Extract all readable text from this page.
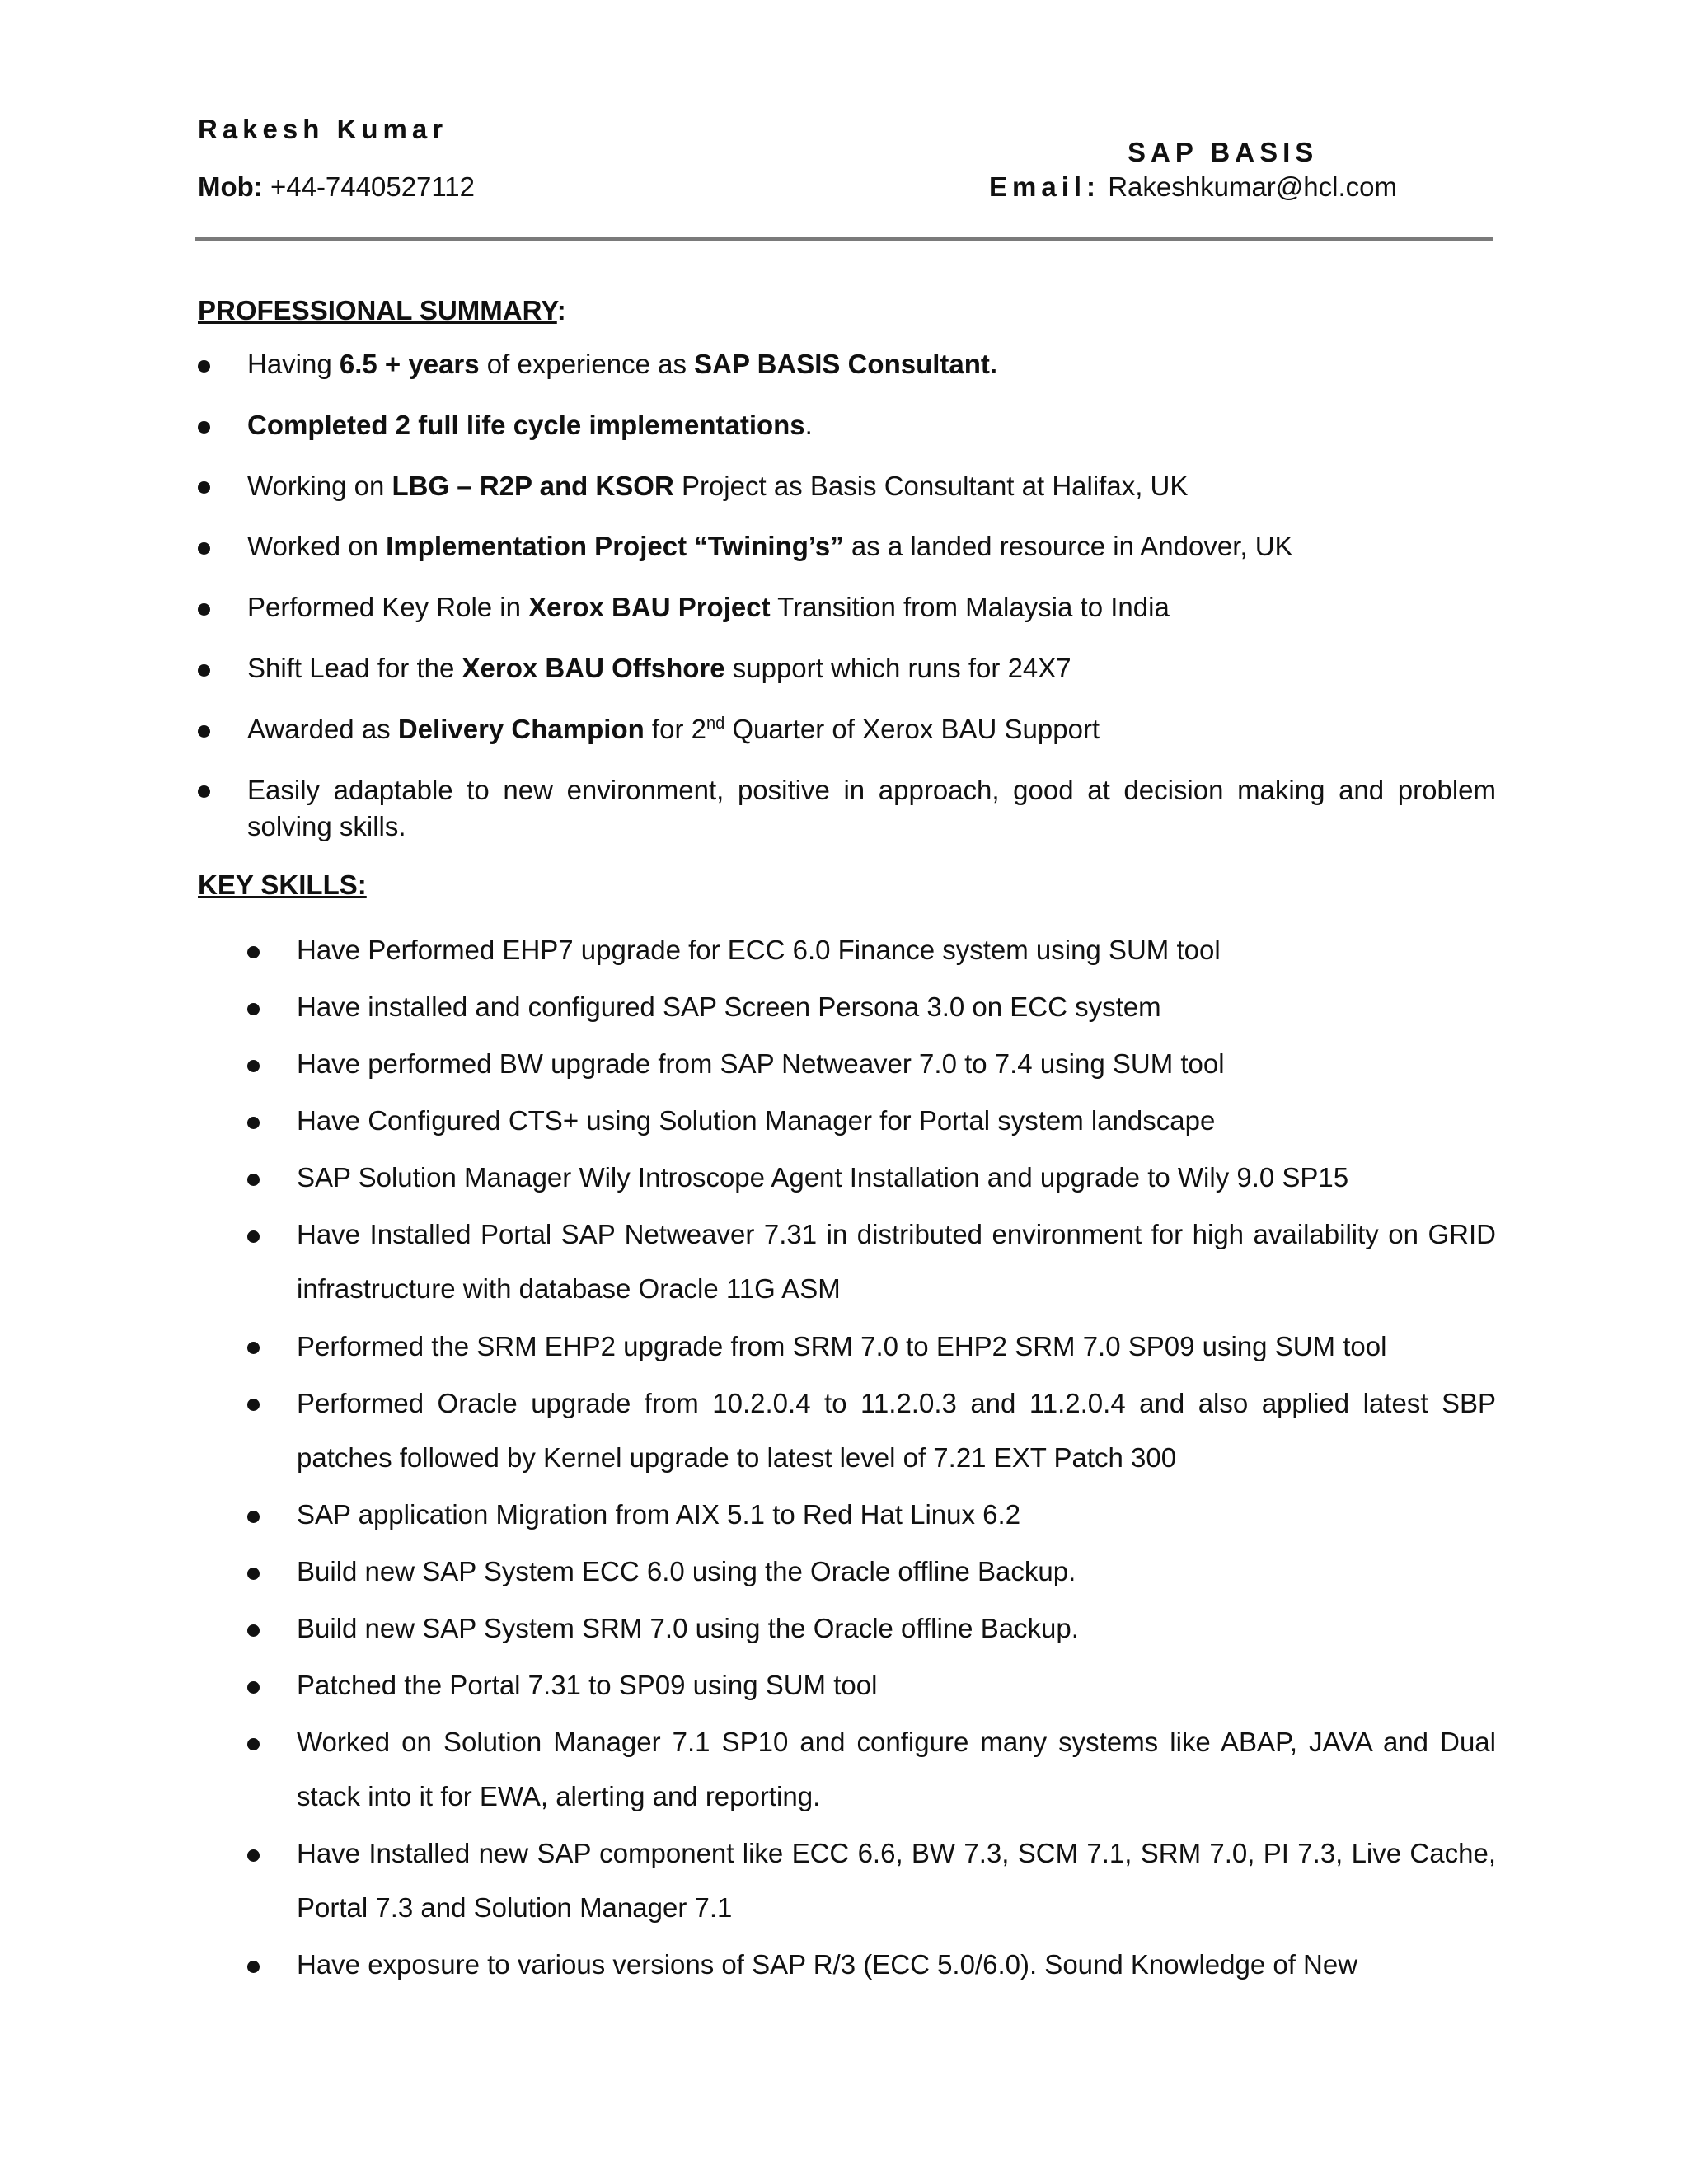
Rakesh Kumar
SAP BASIS
Mob: +44-7440527112	Email: Rakeshkumar@hcl.com
PROFESSIONAL SUMMARY:
Having 6.5 + years of experience as SAP BASIS Consultant.
Completed 2 full life cycle implementations.
Working on LBG – R2P and KSOR Project as Basis Consultant at Halifax, UK
Worked on Implementation Project “Twining’s” as a landed resource in Andover, UK
Performed Key Role in Xerox BAU Project Transition from Malaysia to India
Shift Lead for the Xerox BAU Offshore support which runs for 24X7
Awarded as Delivery Champion for 2nd Quarter of Xerox BAU Support
Easily adaptable to new environment, positive in approach, good at decision making and problem solving skills.
KEY SKILLS:
Have Performed EHP7 upgrade for ECC 6.0 Finance system using SUM tool
Have installed and configured SAP Screen Persona 3.0 on ECC system
Have performed BW upgrade from SAP Netweaver 7.0 to 7.4 using SUM tool
Have Configured CTS+ using Solution Manager for Portal system landscape
SAP Solution Manager Wily Introscope Agent Installation and upgrade to Wily 9.0 SP15
Have Installed Portal SAP Netweaver 7.31 in distributed environment for high availability on GRID infrastructure with database Oracle 11G ASM
Performed the SRM EHP2 upgrade from SRM 7.0 to EHP2 SRM 7.0 SP09 using SUM tool
Performed Oracle upgrade from 10.2.0.4 to 11.2.0.3 and 11.2.0.4 and also applied latest SBP patches followed by Kernel upgrade to latest level of 7.21 EXT Patch 300
SAP application Migration from AIX 5.1 to Red Hat Linux 6.2
Build new SAP System ECC 6.0 using the Oracle offline Backup.
Build new SAP System SRM 7.0 using the Oracle offline Backup.
Patched the Portal 7.31 to SP09 using SUM tool
Worked on Solution Manager 7.1 SP10 and configure many systems like ABAP, JAVA and Dual stack into it for EWA, alerting and reporting.
Have Installed new SAP component like ECC 6.6, BW 7.3, SCM 7.1, SRM 7.0, PI 7.3, Live Cache, Portal 7.3 and Solution Manager 7.1
Have exposure to various versions of SAP R/3 (ECC 5.0/6.0). Sound Knowledge of New
